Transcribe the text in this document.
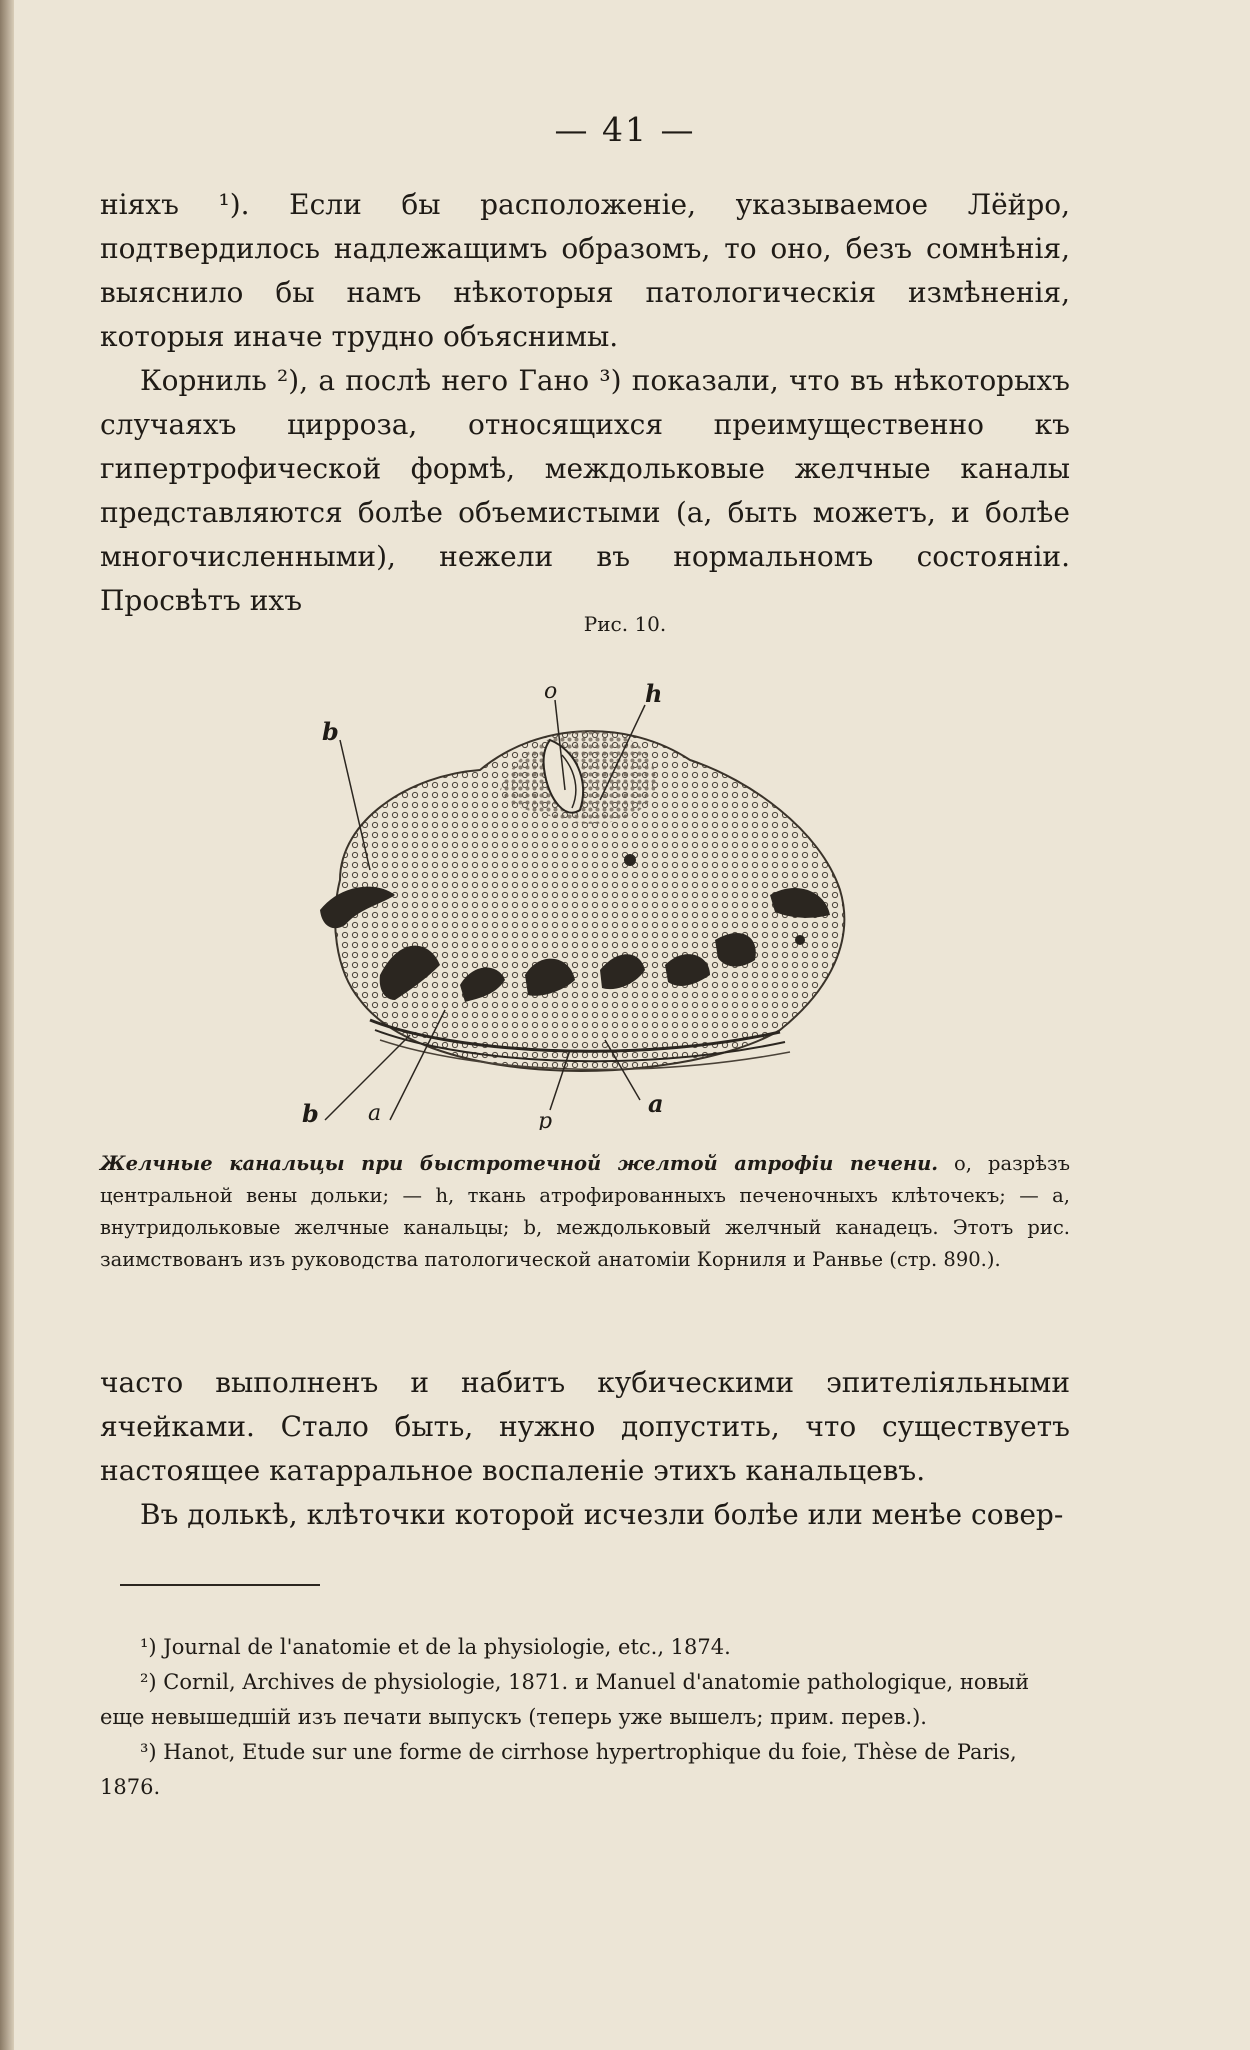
— 41 —

ніяхъ ¹). Если бы расположеніе, указываемое Лёйро, подтвердилось надлежащимъ образомъ, то оно, безъ сомнѣнія, выяснило бы намъ нѣкоторыя патологическія измѣненія, которыя иначе трудно объяснимы.

Корниль ²), а послѣ него Гано ³) показали, что въ нѣкоторыхъ случаяхъ цирроза, относящихся преимущественно къ гипертрофической формѣ, междольковые желчные каналы представляются болѣе объемистыми (а, быть можетъ, и болѣе многочисленными), нежели въ нормальномъ состояніи. Просвѣтъ ихъ

Рис. 10.
o	h
b
b a	p
a
Желчные канальцы при быстротечной желтой атрофіи печени. o, разрѣзъ центральной вены дольки; — h, ткань атрофированныхъ печеночныхъ клѣточекъ; — a, внутридольковые желчные канальцы; b, междольковый желчный канадецъ. Этотъ рис. заимствованъ изъ руководства патологической анатоміи Корниля и Ранвье (стр. 890.).

часто выполненъ и набитъ кубическими эпителіяльными ячейками. Стало быть, нужно допустить, что существуетъ настоящее катарральное воспаленіе этихъ канальцевъ.

Въ долькѣ, клѣточки которой исчезли болѣе или менѣе совер-

¹) Journal de l'anatomie et de la physiologie, etc., 1874.

²) Cornil, Archives de physiologie, 1871. и Manuel d'anatomie pathologique, новый еще невышедшій изъ печати выпускъ (теперь уже вышелъ; прим. перев.).

³) Hanot, Etude sur une forme de cirrhose hypertrophique du foie, Thèse de Paris, 1876.
